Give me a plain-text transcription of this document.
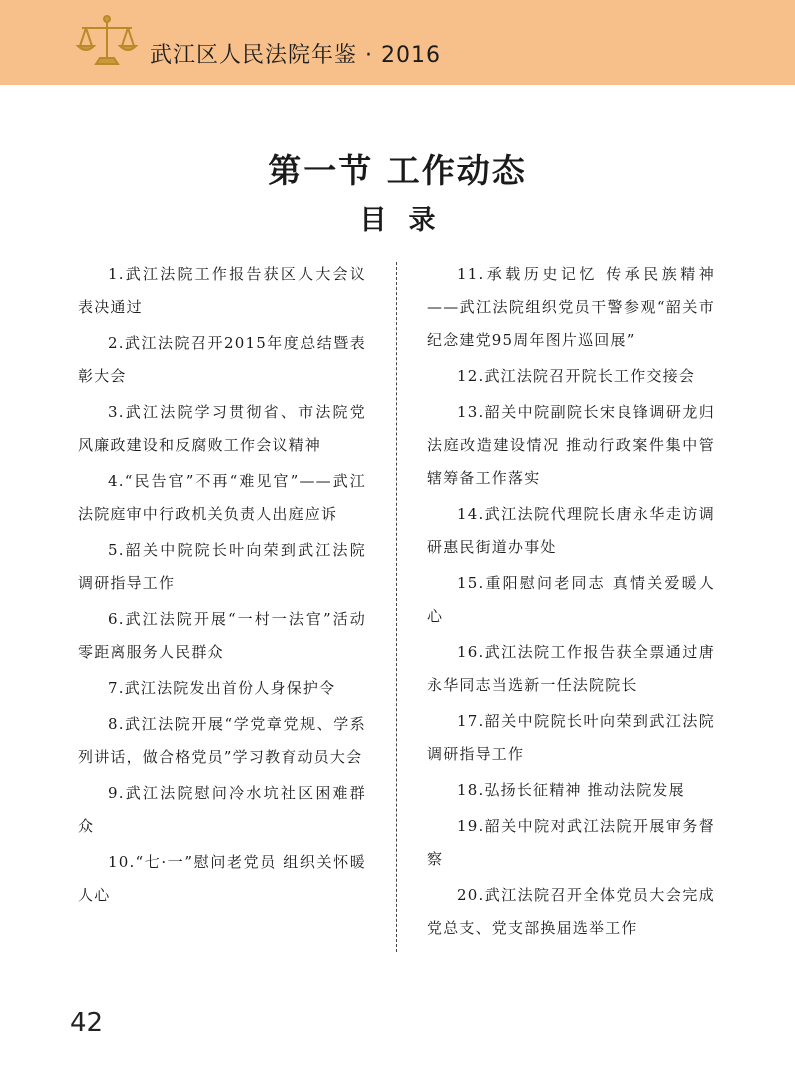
武江区人民法院年鉴 · 2016
第一节 工作动态
目录

1.武江法院工作报告获区人大会议表决通过

2.武江法院召开2015年度总结暨表彰大会

3.武江法院学习贯彻省、市法院党风廉政建设和反腐败工作会议精神

4.“民告官”不再“难见官”——武江法院庭审中行政机关负责人出庭应诉

5.韶关中院院长叶向荣到武江法院调研指导工作

6.武江法院开展“一村一法官”活动 零距离服务人民群众

7.武江法院发出首份人身保护令

8.武江法院开展“学党章党规、学系列讲话，做合格党员”学习教育动员大会

9.武江法院慰问冷水坑社区困难群众

10.“七·一”慰问老党员 组织关怀暖人心

11.承载历史记忆 传承民族精神——武江法院组织党员干警参观“韶关市纪念建党95周年图片巡回展”

12.武江法院召开院长工作交接会

13.韶关中院副院长宋良锋调研龙归法庭改造建设情况 推动行政案件集中管辖筹备工作落实

14.武江法院代理院长唐永华走访调研惠民街道办事处

15.重阳慰问老同志 真情关爱暖人心

16.武江法院工作报告获全票通过唐永华同志当选新一任法院院长

17.韶关中院院长叶向荣到武江法院调研指导工作

18.弘扬长征精神 推动法院发展

19.韶关中院对武江法院开展审务督察

20.武江法院召开全体党员大会完成党总支、党支部换届选举工作

42
